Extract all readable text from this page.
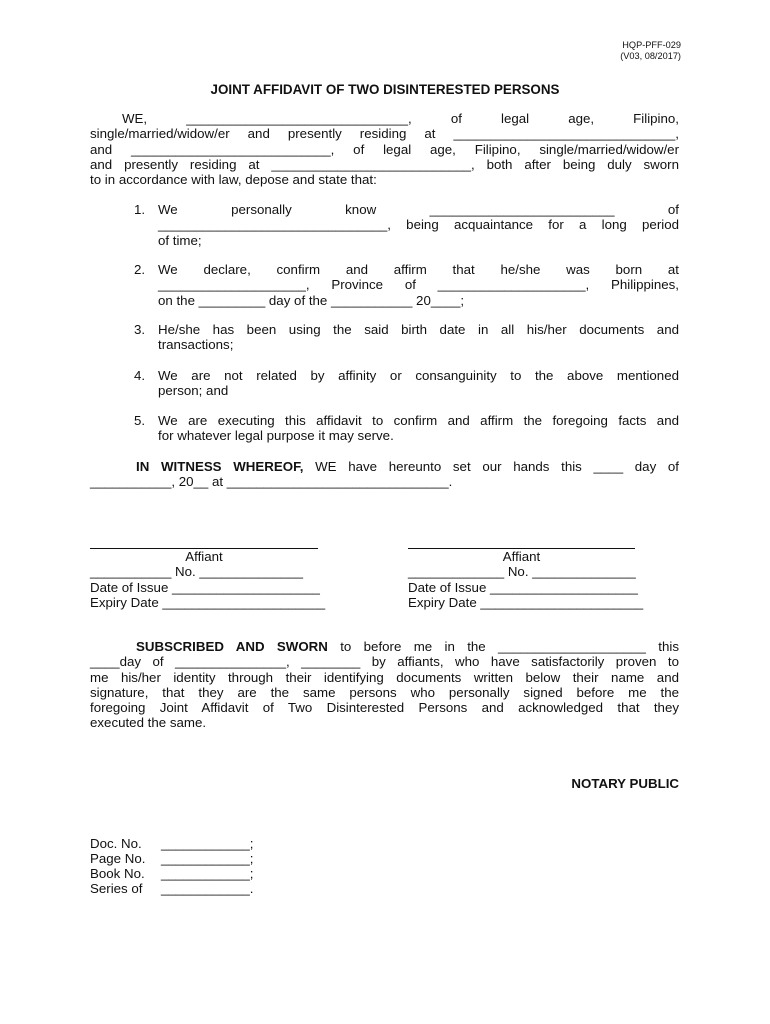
HQP-PFF-029
(V03, 08/2017)
JOINT AFFIDAVIT OF TWO DISINTERESTED PERSONS
WE, ______________________________, of legal age, Filipino,
single/married/widow/er and presently residing at ______________________________,
and ___________________________, of legal age, Filipino, single/married/widow/er
and presently residing at ___________________________, both after being duly sworn
to in accordance with law, depose and state that:
1. We personally know _________________________ of
_______________________________, being acquaintance for a long period
of time;
2. We declare, confirm and affirm that he/she was born at
____________________, Province of ____________________, Philippines,
on the _________ day of the ___________ 20____;
3. He/she has been using the said birth date in all his/her documents and
transactions;
4. We are not related by affinity or consanguinity to the above mentioned
person; and
5. We are executing this affidavit to confirm and affirm the foregoing facts and
for whatever legal purpose it may serve.
IN WITNESS WHEREOF, WE have hereunto set our hands this ____ day of
___________, 20__ at ______________________________.
Affiant
___________ No. ______________
Date of Issue ____________________
Expiry Date ______________________
Affiant
_____________ No. ______________
Date of Issue ____________________
Expiry Date ______________________
SUBSCRIBED AND SWORN to before me in the ____________________ this
____day of _______________, ________ by affiants, who have satisfactorily proven to
me his/her identity through their identifying documents written below their name and
signature, that they are the same persons who personally signed before me the
foregoing Joint Affidavit of Two Disinterested Persons and acknowledged that they
executed the same.
NOTARY PUBLIC
Doc. No. ____________;
Page No. ____________;
Book No. ____________;
Series of ____________.
